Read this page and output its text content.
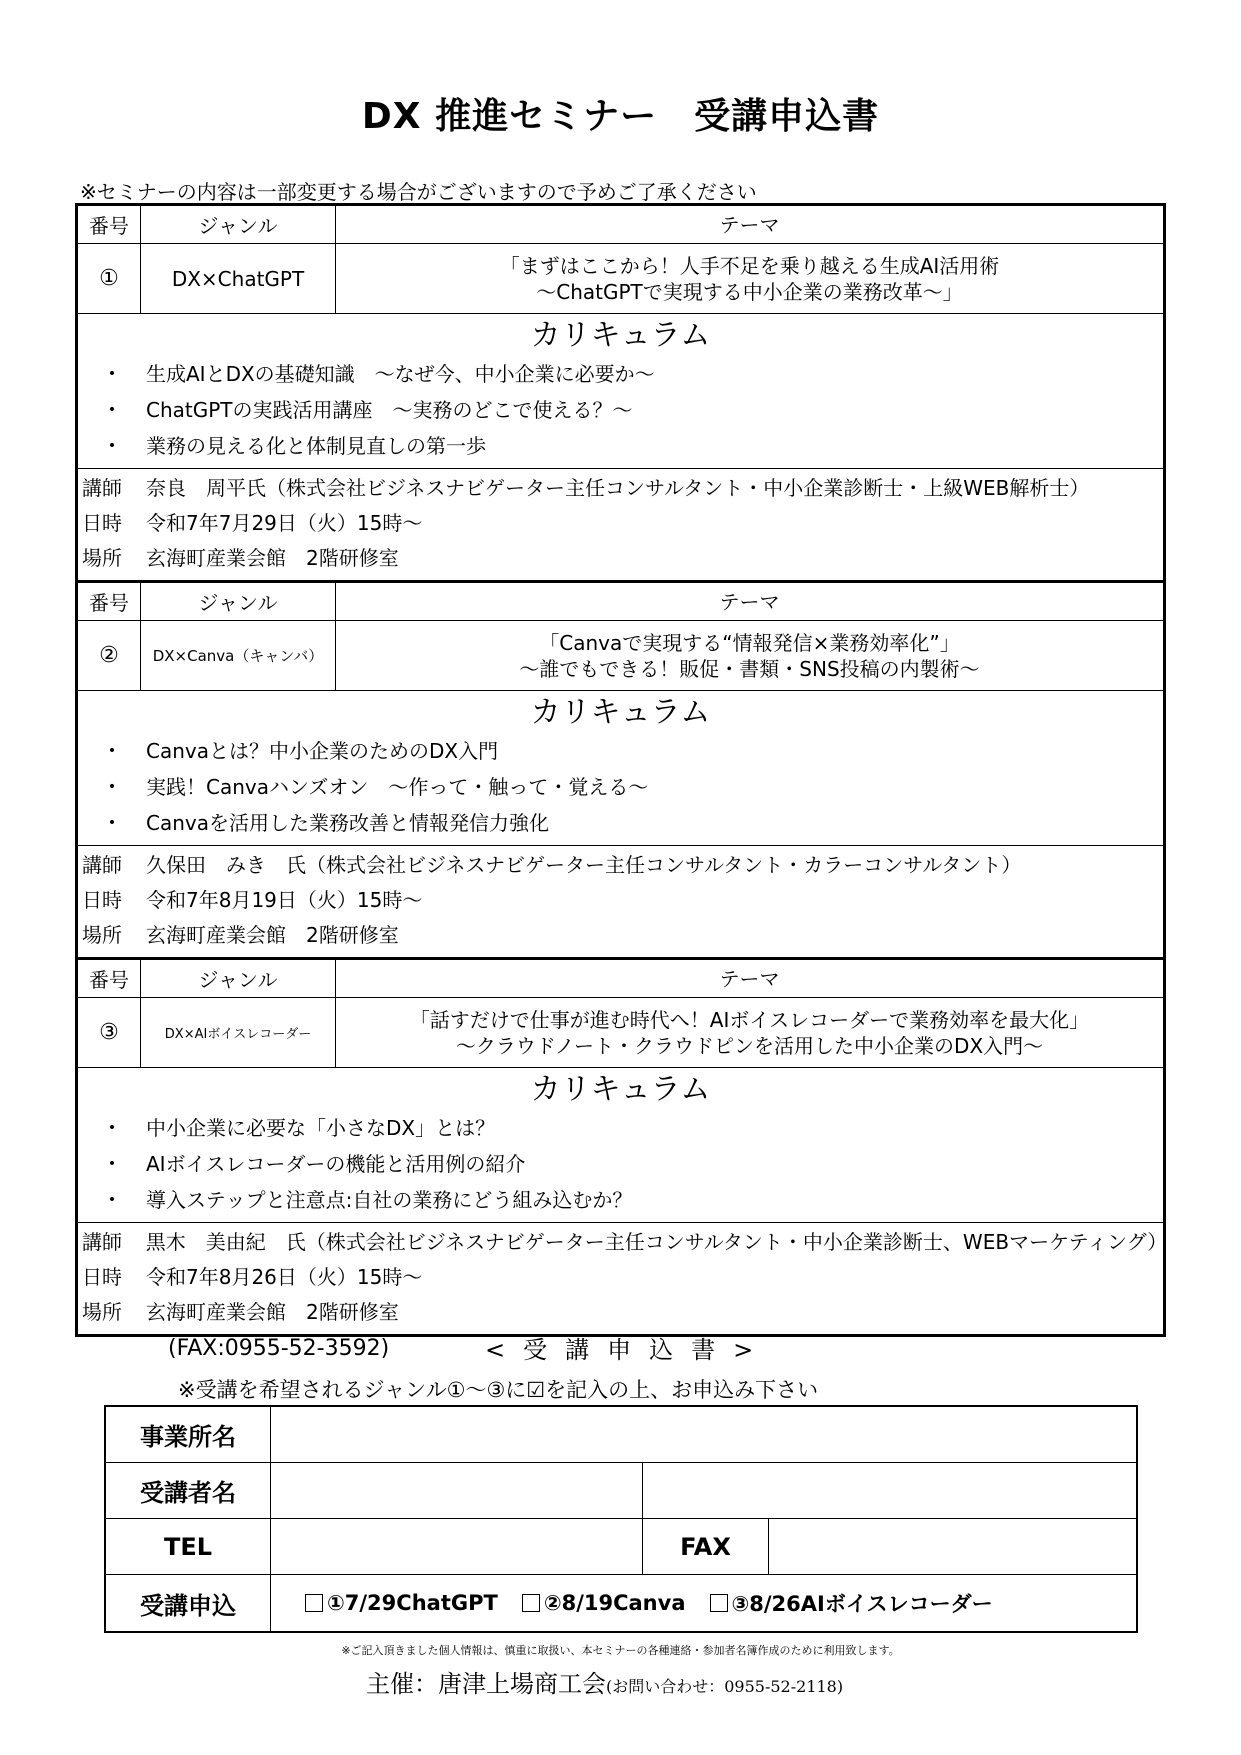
DX 推進セミナー　受講申込書
※セミナーの内容は一部変更する場合がございますので予めご了承ください
番号	ジャンル	テーマ
①	DX×ChatGPT
「まずはここから！人手不足を乗り越える生成AI活用術
〜ChatGPTで実現する中小企業の業務改革〜」
カリキュラム
•	生成AIとDXの基礎知識　〜なぜ今、中小企業に必要か〜
•	ChatGPTの実践活用講座　〜実務のどこで使える？〜
•	業務の見える化と体制見直しの第一歩
講師	奈良　周平氏（株式会社ビジネスナビゲーター主任コンサルタント・中小企業診断士・上級WEB解析士）
日時	令和7年7月29日（火）15時〜
場所	玄海町産業会館　2階研修室
番号	ジャンル	テーマ
②	DX×Canva（キャンバ）
「Canvaで実現する“情報発信×業務効率化”」
〜誰でもできる！販促・書類・SNS投稿の内製術〜
カリキュラム
•	Canvaとは？中小企業のためのDX入門
•	実践！Canvaハンズオン　〜作って・触って・覚える〜
•	Canvaを活用した業務改善と情報発信力強化
講師	久保田　みき　氏（株式会社ビジネスナビゲーター主任コンサルタント・カラーコンサルタント）
日時	令和7年8月19日（火）15時〜
場所	玄海町産業会館　2階研修室
番号	ジャンル	テーマ
③	DX×AIボイスレコーダー
「話すだけで仕事が進む時代へ！AIボイスレコーダーで業務効率を最大化」
〜クラウドノート・クラウドピンを活用した中小企業のDX入門〜
カリキュラム
•	中小企業に必要な「小さなDX」とは？
•	AIボイスレコーダーの機能と活用例の紹介
•	導入ステップと注意点:自社の業務にどう組み込むか？
講師	黒木　美由紀　氏（株式会社ビジネスナビゲーター主任コンサルタント・中小企業診断士、WEBマーケティング）
日時	令和7年8月26日（火）15時〜
場所	玄海町産業会館　2階研修室
(FAX:0955-52-3592)	<受講申込書>
※受講を希望されるジャンル①〜③に☑を記入の上、お申込み下さい
事業所名
受講者名
TEL	FAX
受講申込	①7/29ChatGPT ②8/19Canva ③8/26AIボイスレコーダー
※ご記入頂きました個人情報は、慎重に取扱い、本セミナーの各種連絡・参加者名簿作成のために利用致します。
主催：唐津上場商工会(お問い合わせ：0955-52-2118)
